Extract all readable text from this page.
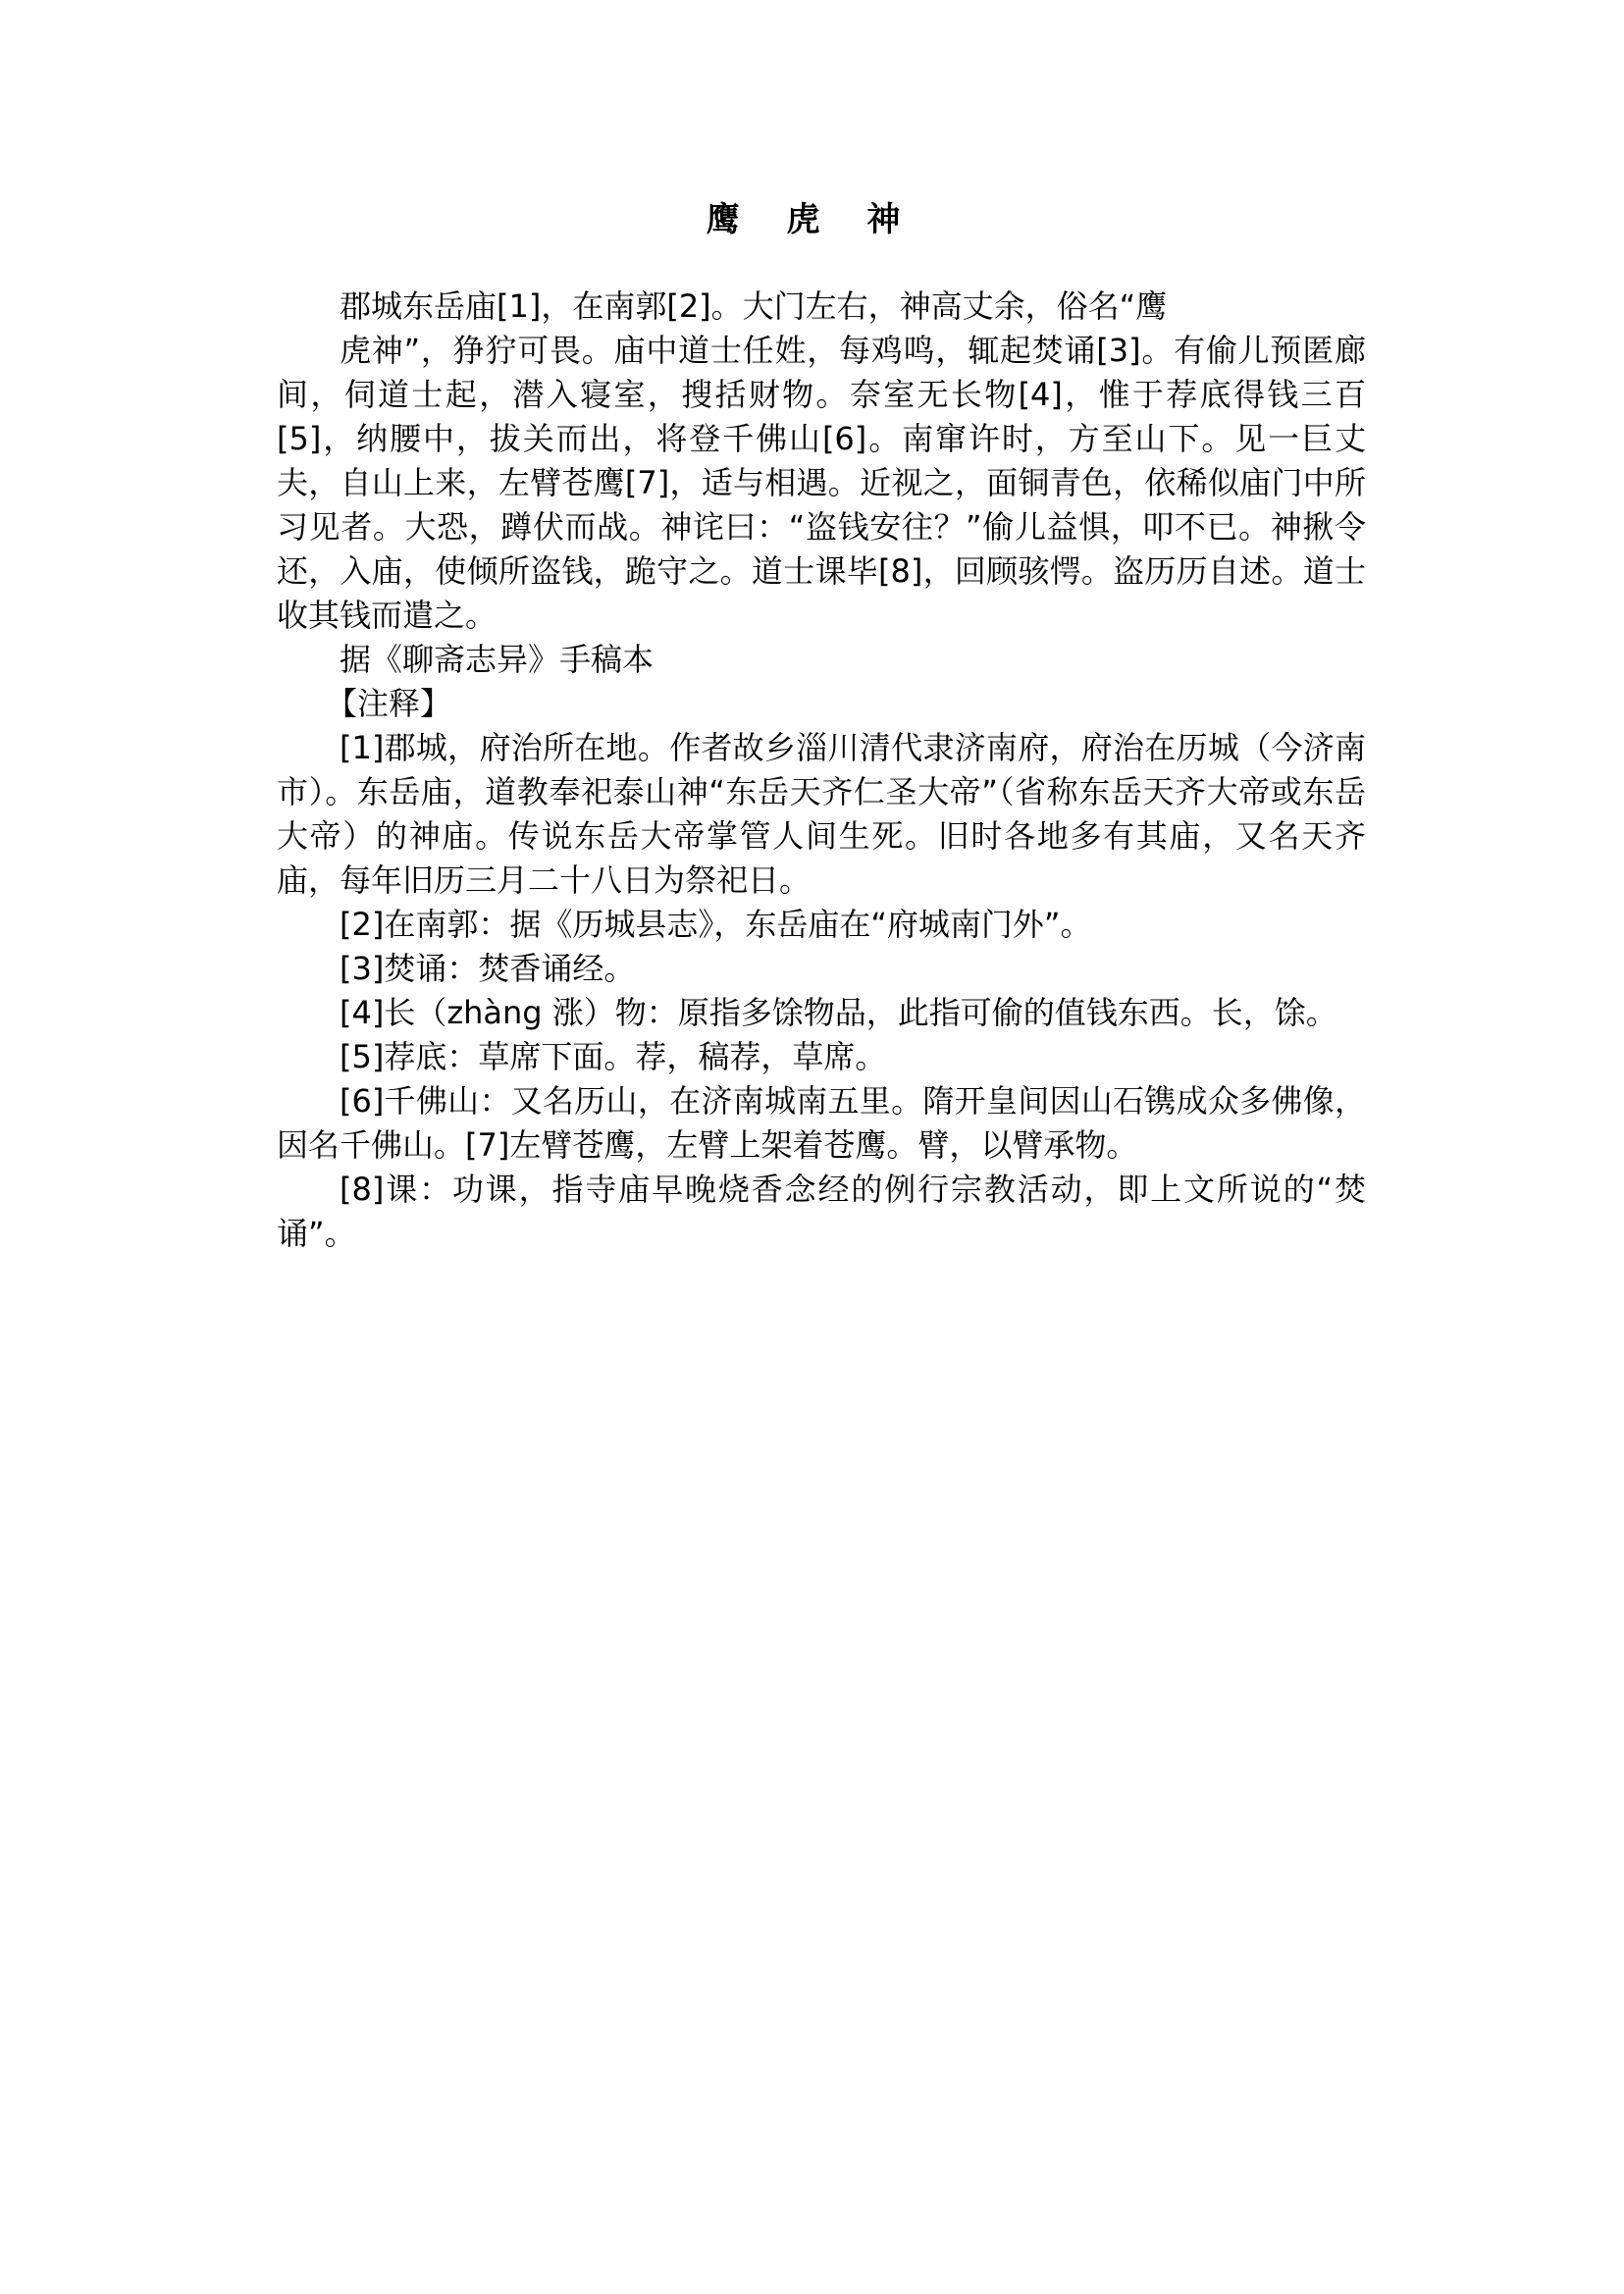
鹰 虎 神

郡城东岳庙[1]，在南郭[2]。大门左右，神高丈余，俗名“鹰

虎神”，狰狞可畏。庙中道士任姓，每鸡鸣，辄起焚诵[3]。有偷儿预匿廊间，伺道士起，潜入寝室，搜括财物。奈室无长物[4]，惟于荐底得钱三百[5]，纳腰中，拔关而出，将登千佛山[6]。南窜许时，方至山下。见一巨丈夫，自山上来，左臂苍鹰[7]，适与相遇。近视之，面铜青色，依稀似庙门中所习见者。大恐，蹲伏而战。神诧曰：“盗钱安往？”偷儿益惧，叩不已。神揪令还，入庙，使倾所盗钱，跪守之。道士课毕[8]，回顾骇愕。盗历历自述。道士收其钱而遣之。

据《聊斋志异》手稿本

【注释】

[1]郡城，府治所在地。作者故乡淄川清代隶济南府，府治在历城（今济南市）。东岳庙，道教奉祀泰山神“东岳天齐仁圣大帝”（省称东岳天齐大帝或东岳大帝）的神庙。传说东岳大帝掌管人间生死。旧时各地多有其庙，又名天齐庙，每年旧历三月二十八日为祭祀日。

[2]在南郭：据《历城县志》，东岳庙在“府城南门外”。

[3]焚诵：焚香诵经。

[4]长（zhàng 涨）物：原指多馀物品，此指可偷的值钱东西。长，馀。

[5]荐底：草席下面。荐，稿荐，草席。

[6]千佛山：又名历山，在济南城南五里。隋开皇间因山石镌成众多佛像，因名千佛山。[7]左臂苍鹰，左臂上架着苍鹰。臂，以臂承物。

[8]课：功课，指寺庙早晚烧香念经的例行宗教活动，即上文所说的“焚诵”。
